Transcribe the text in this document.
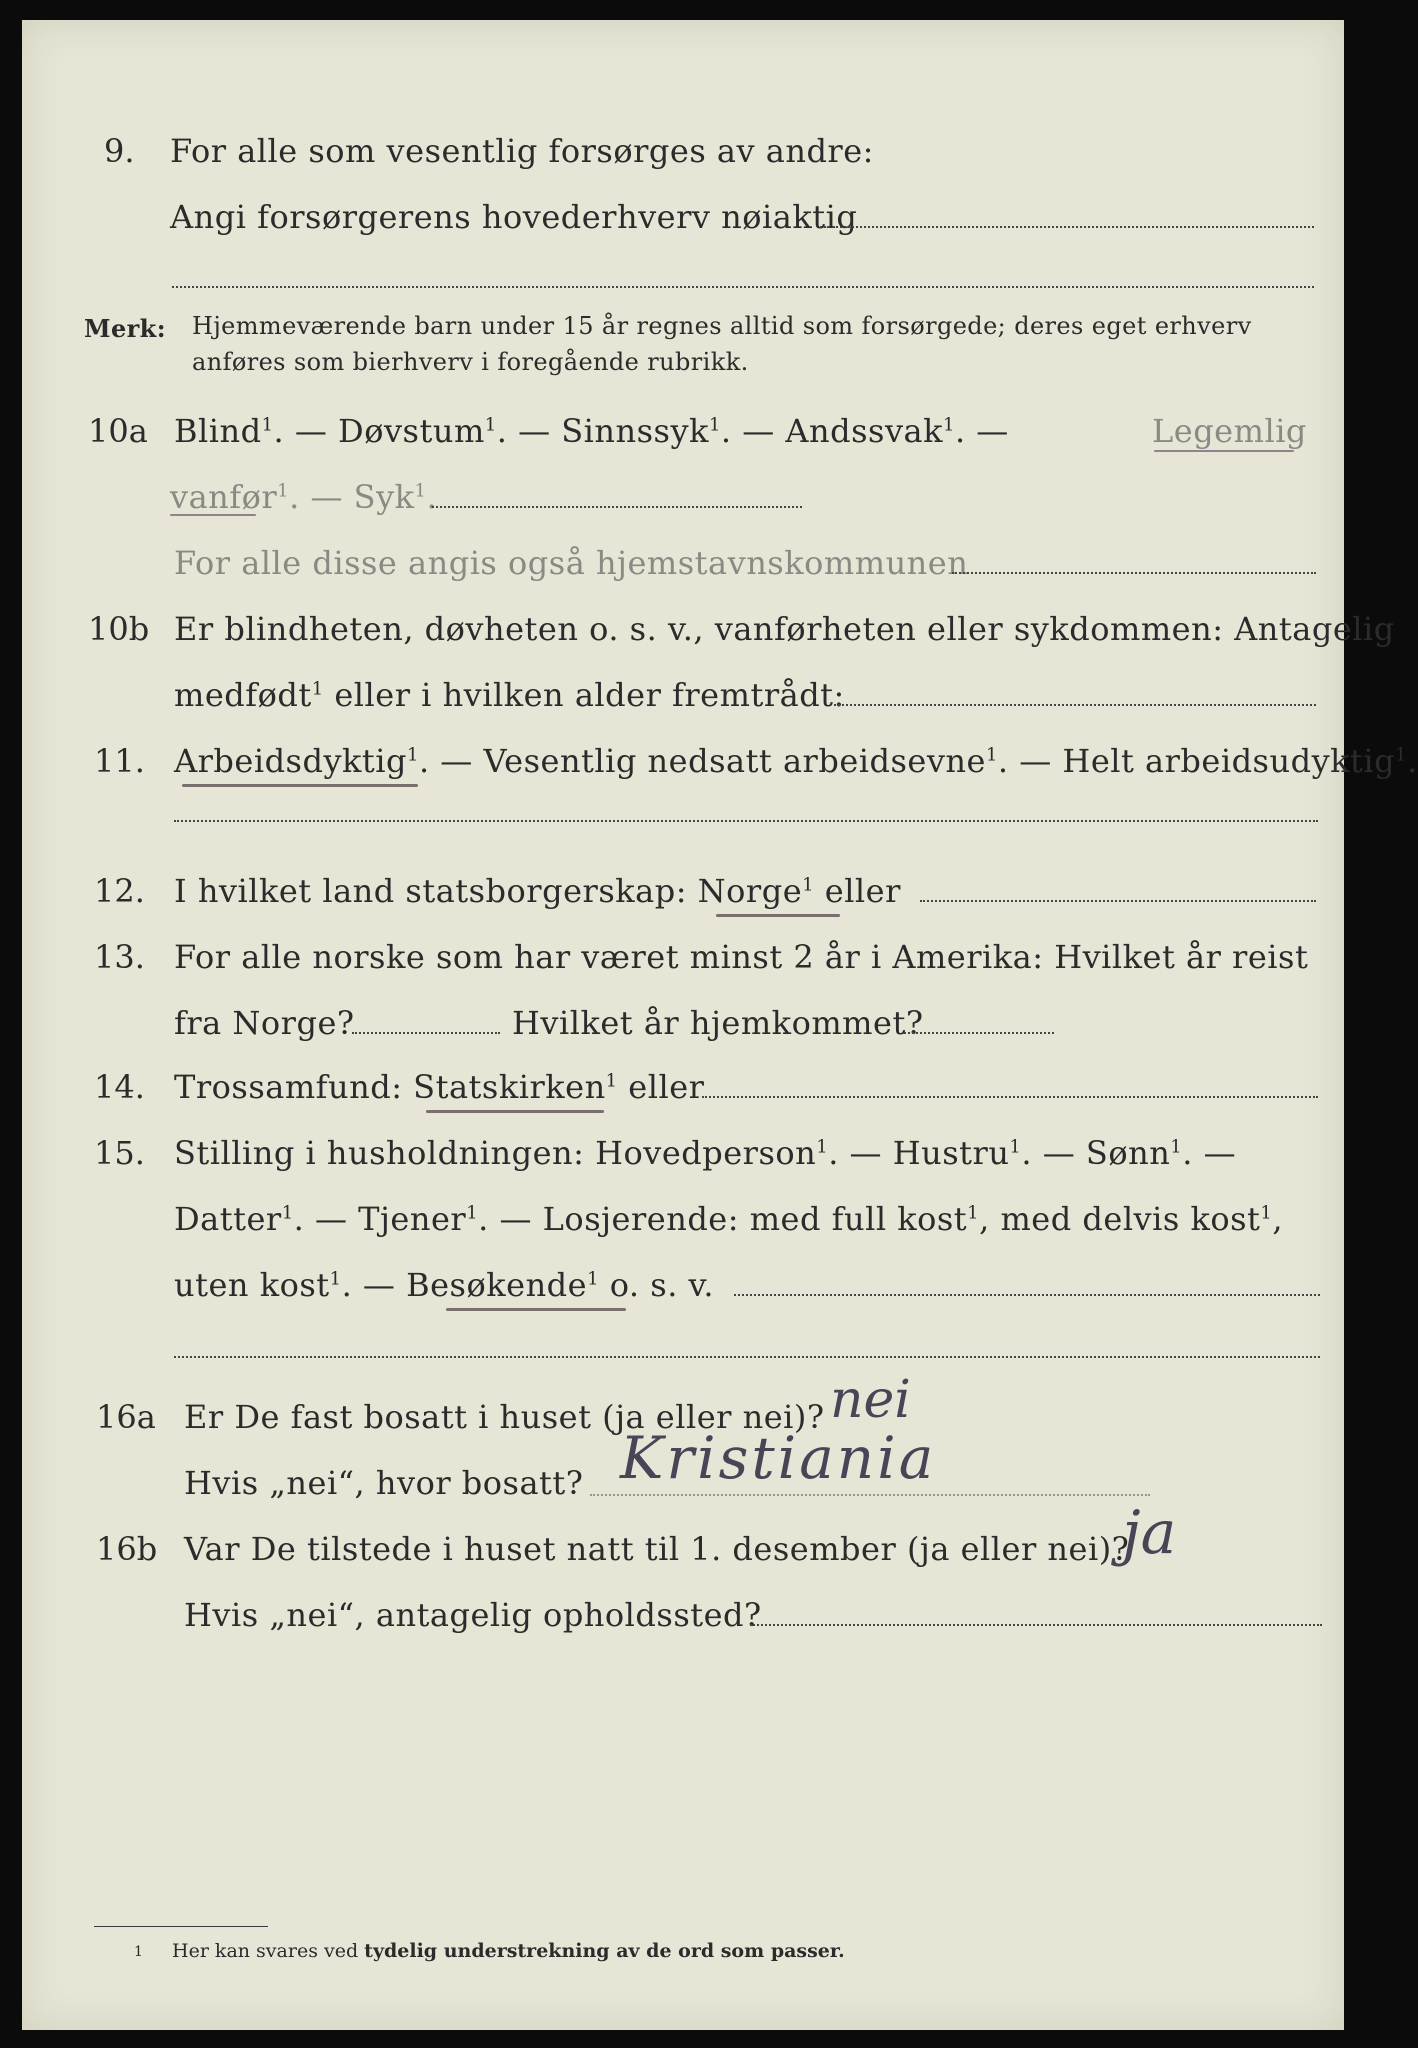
9. For alle som vesentlig forsørges av andre:
Angi forsørgerens hovederhverv nøiaktig
Merk: Hjemmeværende barn under 15 år regnes alltid som forsørgede; deres eget erhverv
anføres som bierhverv i foregående rubrikk.
10a Blind$^1$. — Døvstum$^1$. — Sinnssyk$^1$. — Andssvak$^1$. —	Legemlig
vanfør$^1$. — Syk$^1$.
For alle disse angis også hjemstavnskommunen
10b Er blindheten, døvheten o. s. v., vanførheten eller sykdommen: Antagelig
medfødt$^1$ eller i hvilken alder fremtrådt:
11. Arbeidsdyktig$^1$. — Vesentlig nedsatt arbeidsevne$^1$. — Helt arbeidsudyktig$^1$.
12. I hvilket land statsborgerskap: Norge$^1$ eller
13. For alle norske som har været minst 2 år i Amerika: Hvilket år reist
fra Norge?	Hvilket år hjemkommet?
14. Trossamfund: Statskirken$^1$ eller
15. Stilling i husholdningen: Hovedperson$^1$. — Hustru$^1$. — Sønn$^1$. —
Datter$^1$. — Tjener$^1$. — Losjerende: med full kost$^1$, med delvis kost$^1$,
uten kost$^1$. — Besøkende$^1$ o. s. v.
16a Er De fast bosatt i huset (ja eller nei)? nei
Hvis „nei“, hvor bosatt? Kristiania
16b Var De tilstede i huset natt til 1. desember (ja eller nei)?
ja
Hvis „nei“, antagelig opholdssted?
1 Her kan svares ved tydelig understrekning av de ord som passer.
